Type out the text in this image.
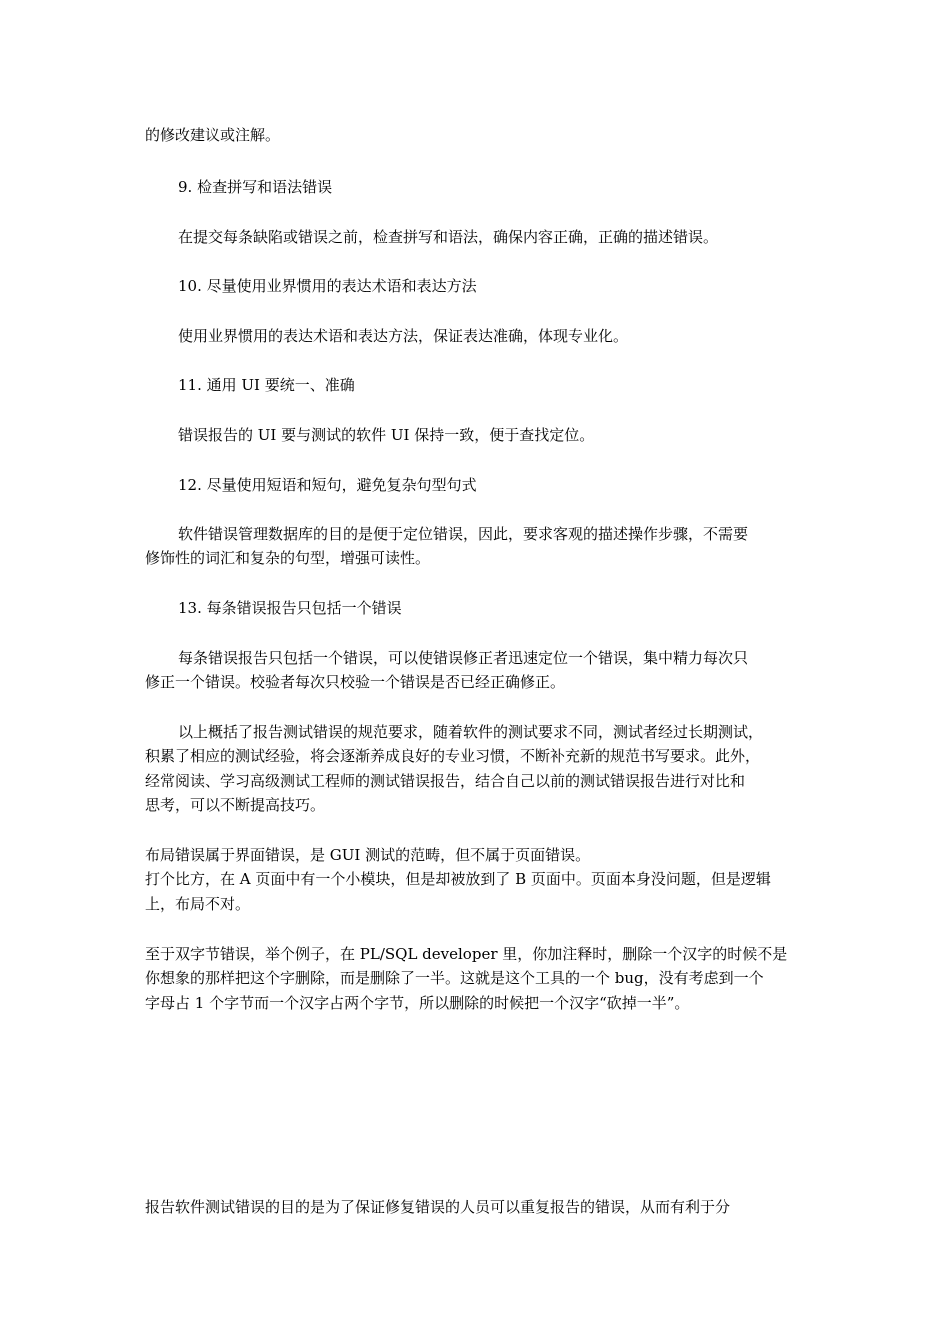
的修改建议或注解。
9. 检查拼写和语法错误
在提交每条缺陷或错误之前，检查拼写和语法，确保内容正确，正确的描述错误。
10. 尽量使用业界惯用的表达术语和表达方法
使用业界惯用的表达术语和表达方法，保证表达准确，体现专业化。
11. 通用 UI 要统一、准确
错误报告的 UI 要与测试的软件 UI 保持一致，便于查找定位。
12. 尽量使用短语和短句，避免复杂句型句式
软件错误管理数据库的目的是便于定位错误，因此，要求客观的描述操作步骤，不需要
修饰性的词汇和复杂的句型，增强可读性。
13. 每条错误报告只包括一个错误
每条错误报告只包括一个错误，可以使错误修正者迅速定位一个错误，集中精力每次只
修正一个错误。校验者每次只校验一个错误是否已经正确修正。
以上概括了报告测试错误的规范要求，随着软件的测试要求不同，测试者经过长期测试，
积累了相应的测试经验，将会逐渐养成良好的专业习惯，不断补充新的规范书写要求。此外，
经常阅读、学习高级测试工程师的测试错误报告，结合自己以前的测试错误报告进行对比和
思考，可以不断提高技巧。
布局错误属于界面错误，是 GUI 测试的范畴，但不属于页面错误。
打个比方，在 A 页面中有一个小模块，但是却被放到了 B 页面中。页面本身没问题，但是逻辑
上，布局不对。
至于双字节错误，举个例子，在 PL/SQL developer 里，你加注释时，删除一个汉字的时候不是
你想象的那样把这个字删除，而是删除了一半。这就是这个工具的一个 bug，没有考虑到一个
字母占 1 个字节而一个汉字占两个字节，所以删除的时候把一个汉字“砍掉一半”。
报告软件测试错误的目的是为了保证修复错误的人员可以重复报告的错误，从而有利于分
